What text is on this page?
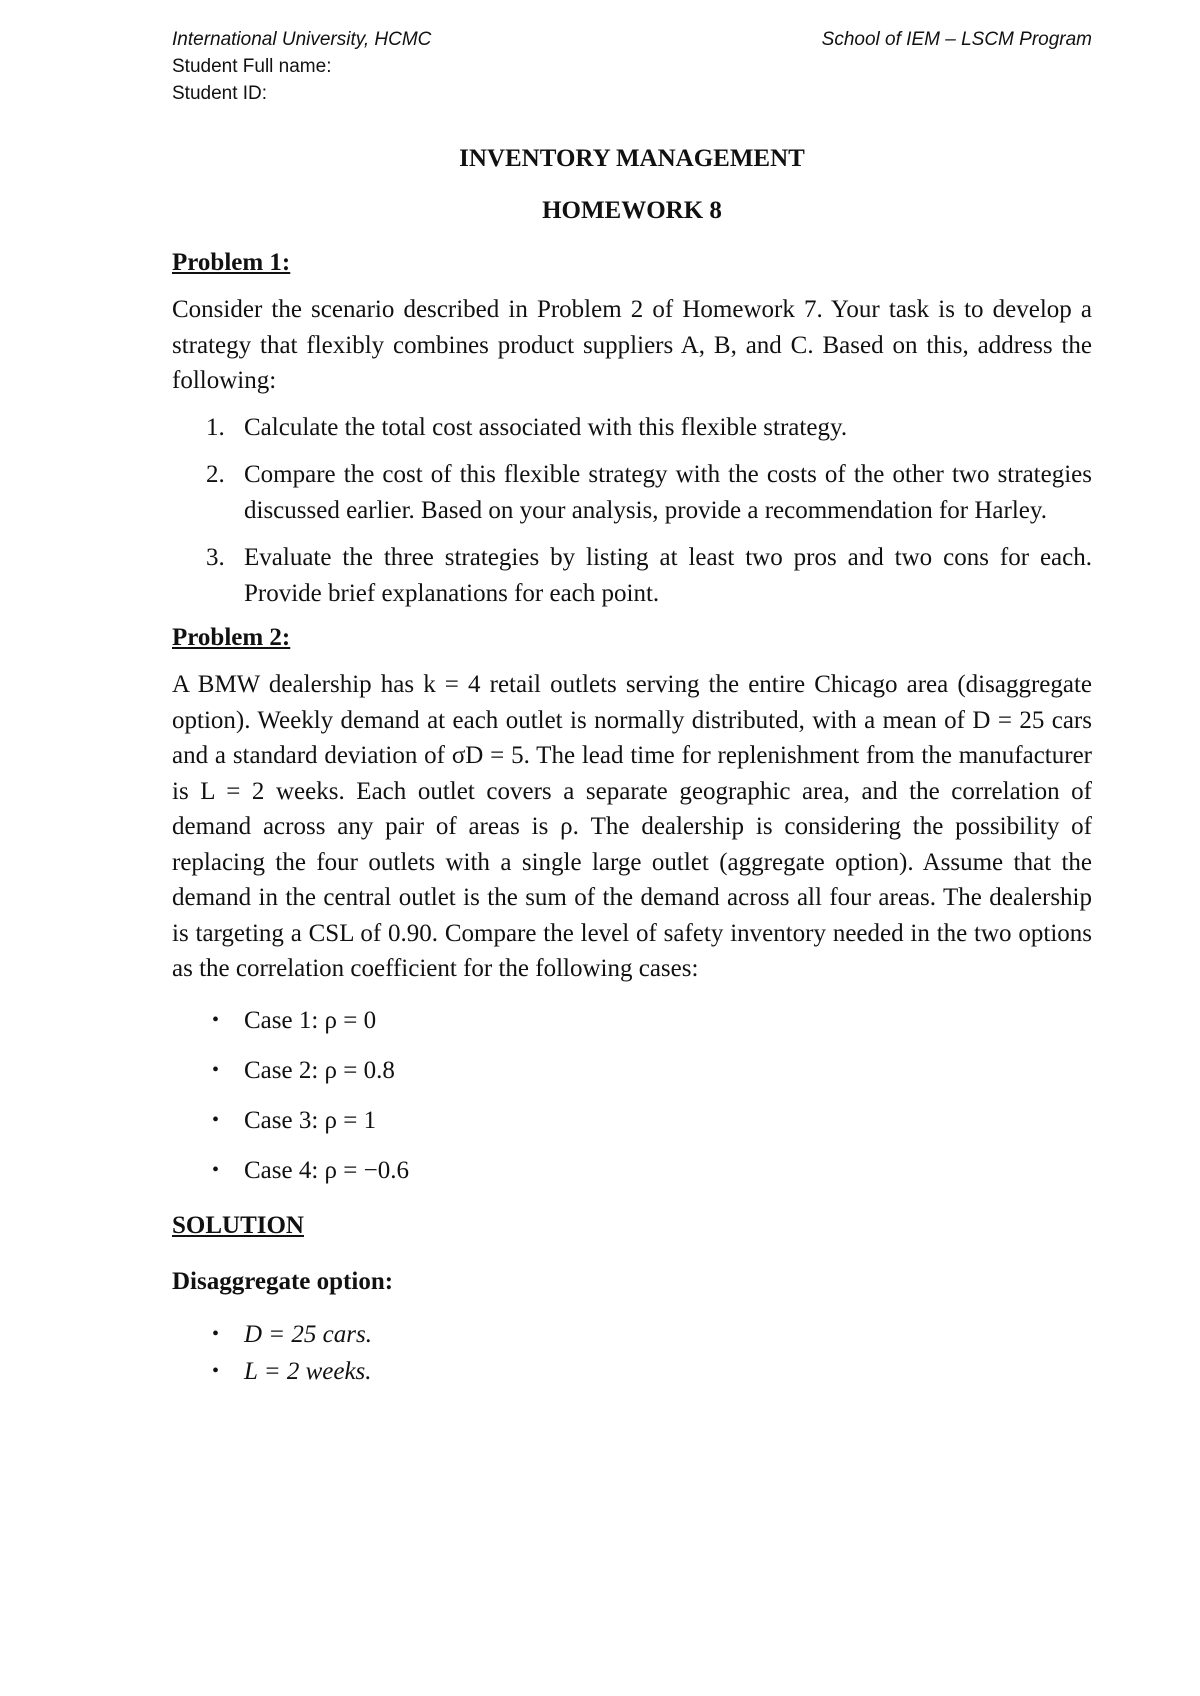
International University, HCMC	School of IEM – LSCM Program
Student Full name:
Student ID:
INVENTORY MANAGEMENT
HOMEWORK 8
Problem 1:

Consider the scenario described in Problem 2 of Homework 7. Your task is to develop a strategy that flexibly combines product suppliers A, B, and C. Based on this, address the following:

1. Calculate the total cost associated with this flexible strategy.
2. Compare the cost of this flexible strategy with the costs of the other two strategies discussed earlier. Based on your analysis, provide a recommendation for Harley.
3. Evaluate the three strategies by listing at least two pros and two cons for each. Provide brief explanations for each point.
Problem 2:

A BMW dealership has k = 4 retail outlets serving the entire Chicago area (disaggregate option). Weekly demand at each outlet is normally distributed, with a mean of D = 25 cars and a standard deviation of σD = 5. The lead time for replenishment from the manufacturer is L = 2 weeks. Each outlet covers a separate geographic area, and the correlation of demand across any pair of areas is ρ. The dealership is considering the possibility of replacing the four outlets with a single large outlet (aggregate option). Assume that the demand in the central outlet is the sum of the demand across all four areas. The dealership is targeting a CSL of 0.90. Compare the level of safety inventory needed in the two options as the correlation coefficient for the following cases:

• Case 1: ρ = 0
• Case 2: ρ = 0.8
• Case 3: ρ = 1
• Case 4: ρ = −0.6
SOLUTION
Disaggregate option:
• D = 25 cars.
• L = 2 weeks.
